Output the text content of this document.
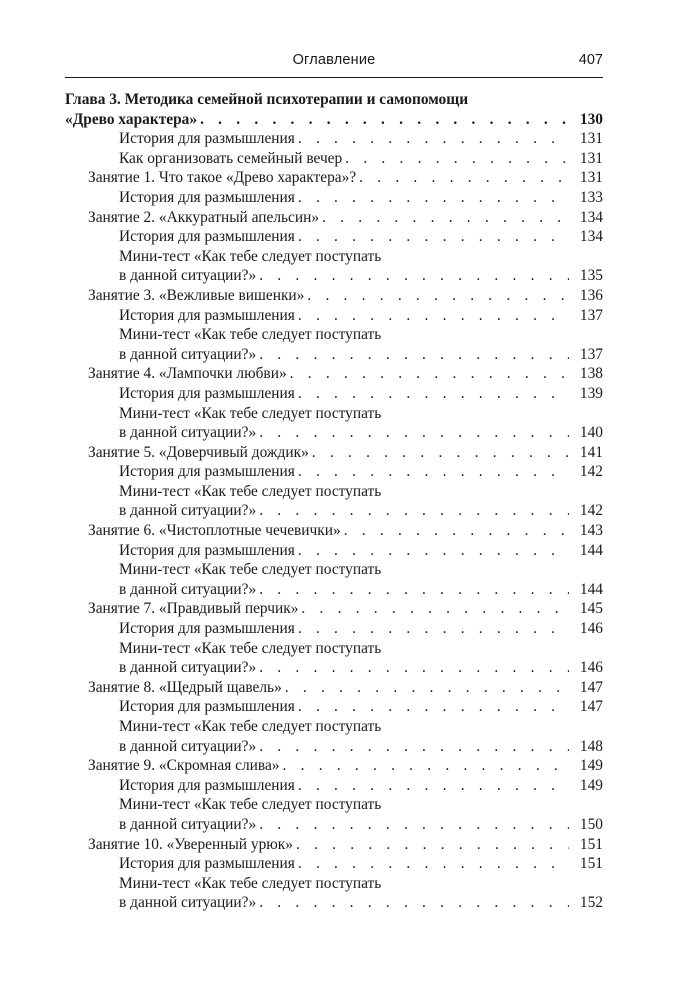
Оглавление	407
Глава 3. Методика семейной психотерапии и самопомощи
«Древо характера» . . .	130
История для размышления . . .	131
Как организовать семейный вечер . . .	131
Занятие 1. Что такое «Древо характера»? . . .	131
История для размышления . . .	133
Занятие 2. «Аккуратный апельсин» . . .	134
История для размышления . . .	134
Мини-тест «Как тебе следует поступать
в данной ситуации?» . . .	135
Занятие 3. «Вежливые вишенки» . . .	136
История для размышления . . .	137
Мини-тест «Как тебе следует поступать
в данной ситуации?» . . .	137
Занятие 4. «Лампочки любви» . . .	138
История для размышления . . .	139
Мини-тест «Как тебе следует поступать
в данной ситуации?» . . .	140
Занятие 5. «Доверчивый дождик» . . .	141
История для размышления . . .	142
Мини-тест «Как тебе следует поступать
в данной ситуации?» . . .	142
Занятие 6. «Чистоплотные чечевички» . . .	143
История для размышления . . .	144
Мини-тест «Как тебе следует поступать
в данной ситуации?» . . .	144
Занятие 7. «Правдивый перчик» . . .	145
История для размышления . . .	146
Мини-тест «Как тебе следует поступать
в данной ситуации?» . . .	146
Занятие 8. «Щедрый щавель» . . .	147
История для размышления . . .	147
Мини-тест «Как тебе следует поступать
в данной ситуации?» . . .	148
Занятие 9. «Скромная слива» . . .	149
История для размышления . . .	149
Мини-тест «Как тебе следует поступать
в данной ситуации?» . . .	150
Занятие 10. «Уверенный урюк» . . .	151
История для размышления . . .	151
Мини-тест «Как тебе следует поступать
в данной ситуации?» . . .	152
